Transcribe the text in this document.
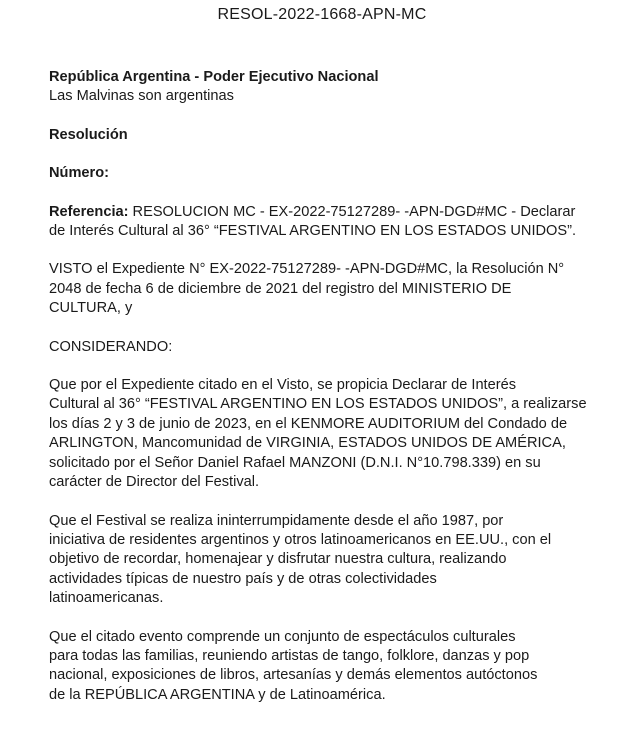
RESOL-2022-1668-APN-MC
República Argentina - Poder Ejecutivo Nacional
Las Malvinas son argentinas
Resolución
Número:
Referencia: RESOLUCION MC - EX-2022-75127289- -APN-DGD#MC - Declarar
de Interés Cultural al 36° “FESTIVAL ARGENTINO EN LOS ESTADOS UNIDOS”.
VISTO el Expediente N° EX-2022-75127289- -APN-DGD#MC, la Resolución N°
2048 de fecha 6 de diciembre de 2021 del registro del MINISTERIO DE
CULTURA, y
CONSIDERANDO:
Que por el Expediente citado en el Visto, se propicia Declarar de Interés
Cultural al 36° “FESTIVAL ARGENTINO EN LOS ESTADOS UNIDOS”, a realizarse
los días 2 y 3 de junio de 2023, en el KENMORE AUDITORIUM del Condado de
ARLINGTON, Mancomunidad de VIRGINIA, ESTADOS UNIDOS DE AMÉRICA,
solicitado por el Señor Daniel Rafael MANZONI (D.N.I. N°10.798.339) en su
carácter de Director del Festival.
Que el Festival se realiza ininterrumpidamente desde el año 1987, por
iniciativa de residentes argentinos y otros latinoamericanos en EE.UU., con el
objetivo de recordar, homenajear y disfrutar nuestra cultura, realizando
actividades típicas de nuestro país y de otras colectividades
latinoamericanas.
Que el citado evento comprende un conjunto de espectáculos culturales
para todas las familias, reuniendo artistas de tango, folklore, danzas y pop
nacional, exposiciones de libros, artesanías y demás elementos autóctonos
de la REPÚBLICA ARGENTINA y de Latinoamérica.
